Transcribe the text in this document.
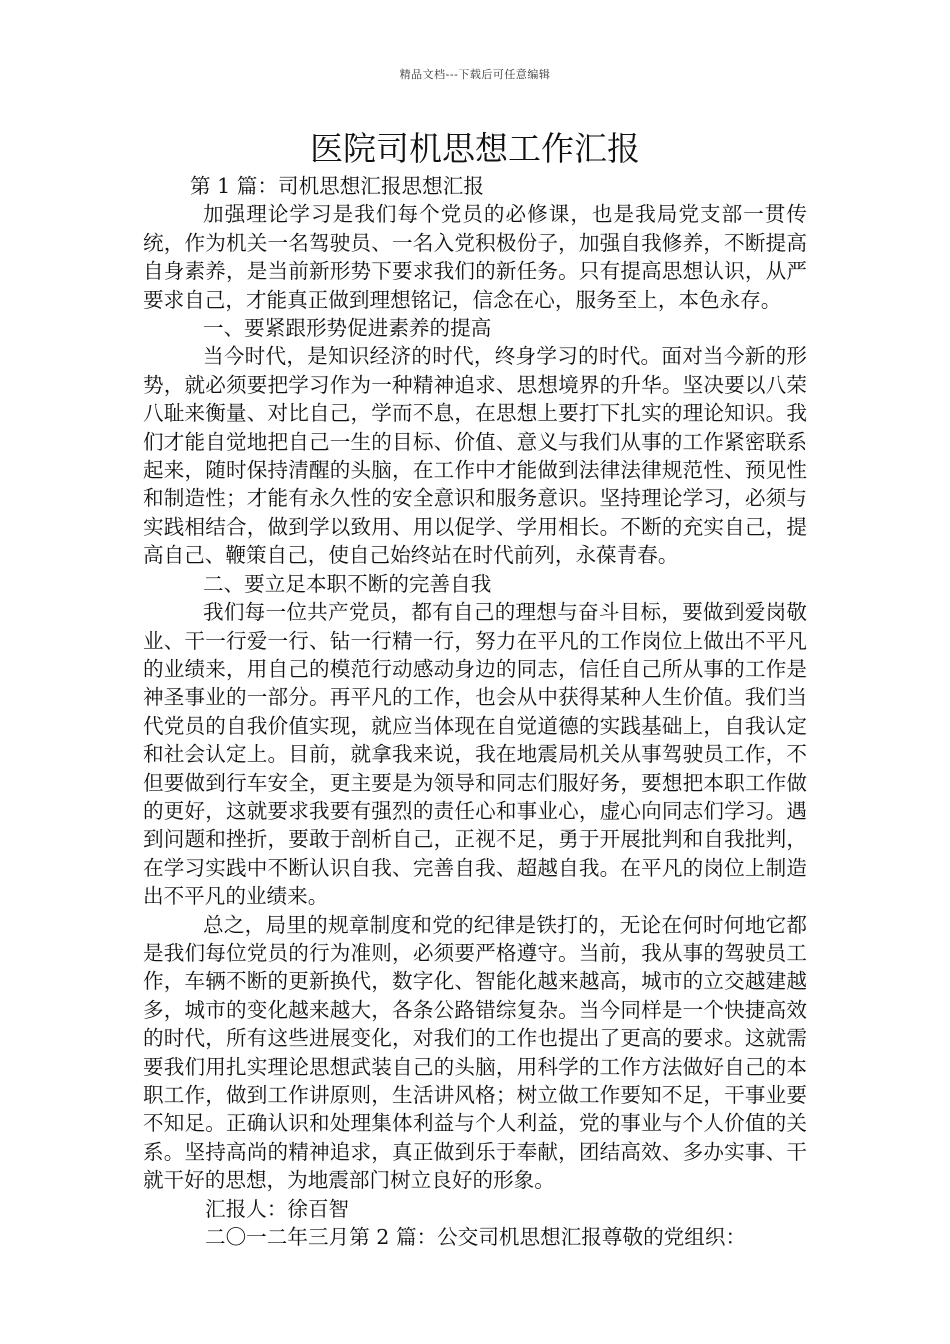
精品文档---下载后可任意编辑
医院司机思想工作汇报

第 1 篇：司机思想汇报思想汇报

加强理论学习是我们每个党员的必修课，也是我局党支部一贯传统，作为机关一名驾驶员、一名入党积极份子，加强自我修养，不断提高自身素养，是当前新形势下要求我们的新任务。只有提高思想认识，从严要求自己，才能真正做到理想铭记，信念在心，服务至上，本色永存。

一、要紧跟形势促进素养的提高

当今时代，是知识经济的时代，终身学习的时代。面对当今新的形势，就必须要把学习作为一种精神追求、思想境界的升华。坚决要以八荣八耻来衡量、对比自己，学而不息，在思想上要打下扎实的理论知识。我们才能自觉地把自己一生的目标、价值、意义与我们从事的工作紧密联系起来，随时保持清醒的头脑，在工作中才能做到法律法律规范性、预见性和制造性；才能有永久性的安全意识和服务意识。坚持理论学习，必须与实践相结合，做到学以致用、用以促学、学用相长。不断的充实自己，提高自己、鞭策自己，使自己始终站在时代前列，永葆青春。

二、要立足本职不断的完善自我

我们每一位共产党员，都有自己的理想与奋斗目标，要做到爱岗敬业、干一行爱一行、钻一行精一行，努力在平凡的工作岗位上做出不平凡的业绩来，用自己的模范行动感动身边的同志，信任自己所从事的工作是神圣事业的一部分。再平凡的工作，也会从中获得某种人生价值。我们当代党员的自我价值实现，就应当体现在自觉道德的实践基础上，自我认定和社会认定上。目前，就拿我来说，我在地震局机关从事驾驶员工作，不但要做到行车安全，更主要是为领导和同志们服好务，要想把本职工作做的更好，这就要求我要有强烈的责任心和事业心，虚心向同志们学习。遇到问题和挫折，要敢于剖析自己，正视不足，勇于开展批判和自我批判，在学习实践中不断认识自我、完善自我、超越自我。在平凡的岗位上制造出不平凡的业绩来。

总之，局里的规章制度和党的纪律是铁打的，无论在何时何地它都是我们每位党员的行为准则，必须要严格遵守。当前，我从事的驾驶员工作，车辆不断的更新换代，数字化、智能化越来越高，城市的立交越建越多，城市的变化越来越大，各条公路错综复杂。当今同样是一个快捷高效的时代，所有这些进展变化，对我们的工作也提出了更高的要求。这就需要我们用扎实理论思想武装自己的头脑，用科学的工作方法做好自己的本职工作，做到工作讲原则，生活讲风格；树立做工作要知不足，干事业要不知足。正确认识和处理集体利益与个人利益，党的事业与个人价值的关系。坚持高尚的精神追求，真正做到乐于奉献，团结高效、多办实事、干就干好的思想，为地震部门树立良好的形象。

汇报人：徐百智

二〇一二年三月第 2 篇：公交司机思想汇报尊敬的党组织：
